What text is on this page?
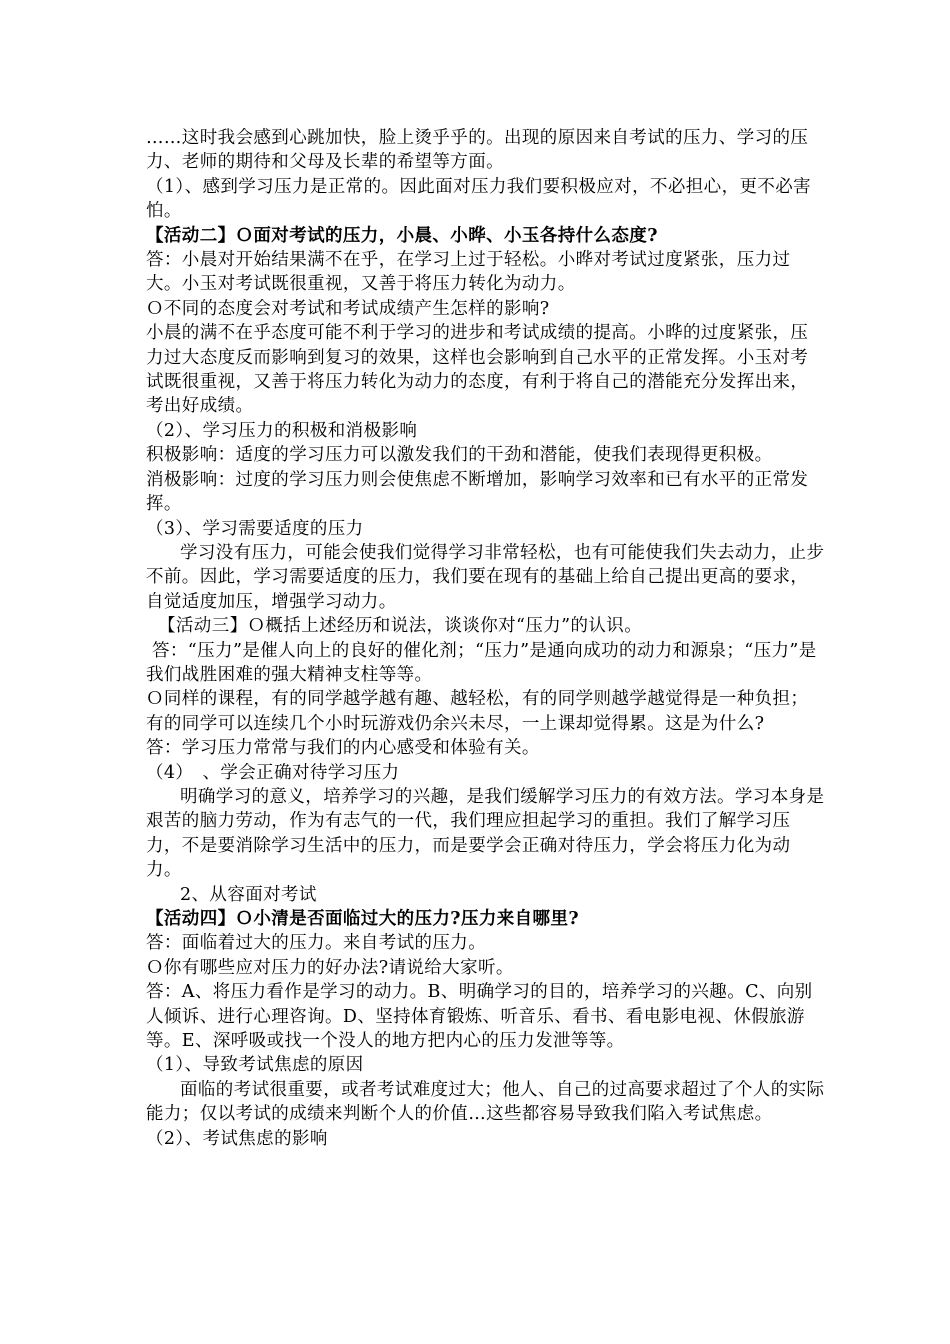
……这时我会感到心跳加快，脸上烫乎乎的。出现的原因来自考试的压力、学习的压力、老师的期待和父母及长辈的希望等方面。

（1）、感到学习压力是正常的。因此面对压力我们要积极应对，不必担心，更不必害怕。

【活动二】Ｏ面对考试的压力，小晨、小晔、小玉各持什么态度?

答：小晨对开始结果满不在乎，在学习上过于轻松。小晔对考试过度紧张，压力过大。小玉对考试既很重视，又善于将压力转化为动力。

Ｏ不同的态度会对考试和考试成绩产生怎样的影响?

小晨的满不在乎态度可能不利于学习的进步和考试成绩的提高。小晔的过度紧张，压力过大态度反而影响到复习的效果，这样也会影响到自己水平的正常发挥。小玉对考试既很重视，又善于将压力转化为动力的态度，有利于将自己的潜能充分发挥出来，考出好成绩。

（2）、学习压力的积极和消极影响

积极影响：适度的学习压力可以激发我们的干劲和潜能，使我们表现得更积极。

消极影响：过度的学习压力则会使焦虑不断增加，影响学习效率和已有水平的正常发挥。

（3）、学习需要适度的压力

学习没有压力，可能会使我们觉得学习非常轻松，也有可能使我们失去动力，止步不前。因此，学习需要适度的压力，我们要在现有的基础上给自己提出更高的要求，自觉适度加压，增强学习动力。

【活动三】Ｏ概括上述经历和说法，谈谈你对“压力”的认识。

答：“压力”是催人向上的良好的催化剂；“压力”是通向成功的动力和源泉；“压力”是我们战胜困难的强大精神支柱等等。

Ｏ同样的课程，有的同学越学越有趣、越轻松，有的同学则越学越觉得是一种负担；有的同学可以连续几个小时玩游戏仍余兴未尽，一上课却觉得累。这是为什么?

答：学习压力常常与我们的内心感受和体验有关。

（4）　、学会正确对待学习压力

明确学习的意义，培养学习的兴趣，是我们缓解学习压力的有效方法。学习本身是艰苦的脑力劳动，作为有志气的一代，我们理应担起学习的重担。我们了解学习压力，不是要消除学习生活中的压力，而是要学会正确对待压力，学会将压力化为动力。

2、从容面对考试

【活动四】Ｏ小清是否面临过大的压力?压力来自哪里?

答：面临着过大的压力。来自考试的压力。

Ｏ你有哪些应对压力的好办法?请说给大家听。

答：A、将压力看作是学习的动力。B、明确学习的目的，培养学习的兴趣。C、向别人倾诉、进行心理咨询。D、坚持体育锻炼、听音乐、看书、看电影电视、休假旅游等。E、深呼吸或找一个没人的地方把内心的压力发泄等等。

（1）、导致考试焦虑的原因

面临的考试很重要，或者考试难度过大；他人、自己的过高要求超过了个人的实际能力；仅以考试的成绩来判断个人的价值…这些都容易导致我们陷入考试焦虑。

（2）、考试焦虑的影响
